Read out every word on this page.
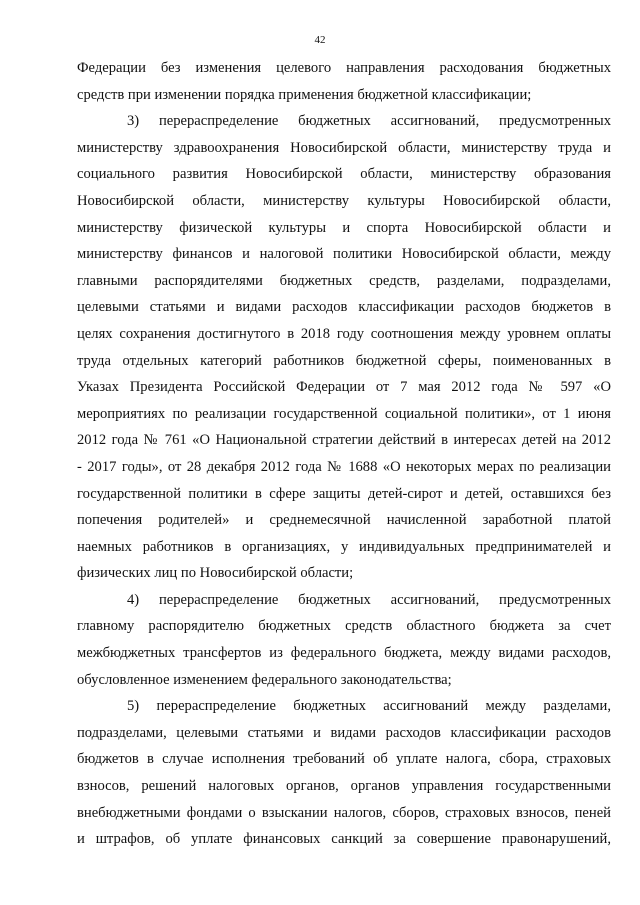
42

Федерации без изменения целевого направления расходования бюджетных
средств при изменении порядка применения бюджетной классификации;

3) перераспределение бюджетных ассигнований, предусмотренных
министерству здравоохранения Новосибирской области, министерству труда и
социального развития Новосибирской области, министерству образования
Новосибирской области, министерству культуры Новосибирской области,
министерству физической культуры и спорта Новосибирской области и
министерству финансов и налоговой политики Новосибирской области, между
главными распорядителями бюджетных средств, разделами, подразделами,
целевыми статьями и видами расходов классификации расходов бюджетов в
целях сохранения достигнутого в 2018 году соотношения между уровнем оплаты
труда отдельных категорий работников бюджетной сферы, поименованных в
Указах Президента Российской Федерации от 7 мая 2012 года № 597 «О
мероприятиях по реализации государственной социальной политики», от 1 июня
2012 года № 761 «О Национальной стратегии действий в интересах детей на 2012
- 2017 годы», от 28 декабря 2012 года № 1688 «О некоторых мерах по реализации
государственной политики в сфере защиты детей-сирот и детей, оставшихся без
попечения родителей» и среднемесячной начисленной заработной платой
наемных работников в организациях, у индивидуальных предпринимателей и
физических лиц по Новосибирской области;

4) перераспределение бюджетных ассигнований, предусмотренных
главному распорядителю бюджетных средств областного бюджета за счет
межбюджетных трансфертов из федерального бюджета, между видами расходов,
обусловленное изменением федерального законодательства;

5) перераспределение бюджетных ассигнований между разделами,
подразделами, целевыми статьями и видами расходов классификации расходов
бюджетов в случае исполнения требований об уплате налога, сбора, страховых
взносов, решений налоговых органов, органов управления государственными
внебюджетными фондами о взыскании налогов, сборов, страховых взносов, пеней
и штрафов, об уплате финансовых санкций за совершение правонарушений,
